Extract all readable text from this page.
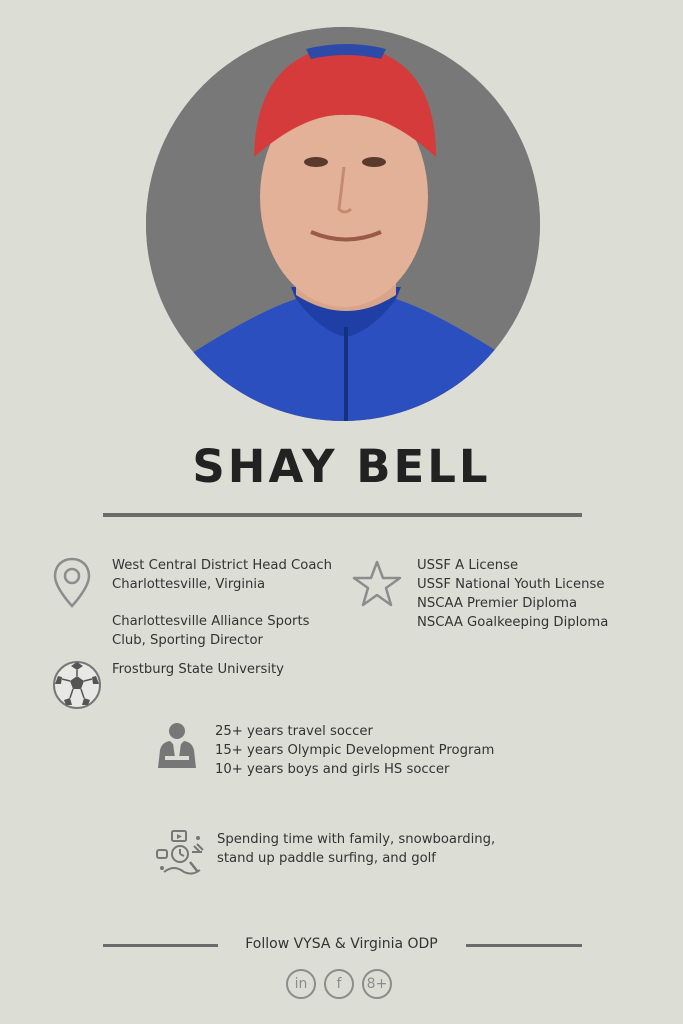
SHAY BELL

West Central District Head Coach

Charlottesville, Virginia

Charlottesville Alliance Sports

Club, Sporting Director

Frostburg State University

USSF A License

USSF National Youth License

NSCAA Premier Diploma

NSCAA Goalkeeping Diploma

25+ years travel soccer

15+ years Olympic Development Program

10+ years boys and girls HS soccer

Spending time with family, snowboarding,

stand up paddle surfing, and golf

Follow VYSA & Virginia ODP
in	f	8+
